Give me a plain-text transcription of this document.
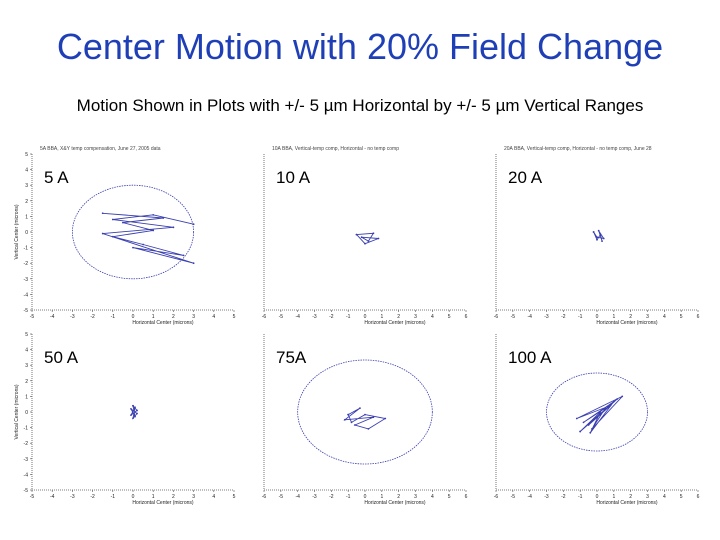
Center Motion with 20% Field Change
Motion Shown in Plots with +/- 5 µm Horizontal by +/- 5 µm Vertical Ranges
-5	-4	-3	-2	-1	0	1	2	3	4	5
5
4
3
2
1
0
-1
-2
-3
-4
-5
Horizontal Center (microns)
Vertical Center (microns)
5A BBA, X&Y temp compensation, June 27, 2005 data
5 A
-6 -5 -4 -3 -2 -1	0	1	2	3	4	5	6
Horizontal Center (microns)
10A BBA, Vertical-temp comp, Horizontal - no temp comp
10 A
-6 -5 -4 -3 -2 -1	0	1	2	3	4	5	6
Horizontal Center (microns)
20A BBA, Vertical-temp comp, Horizontal - no temp comp, June 28
20 A
-5	-4	-3	-2	-1	0	1	2	3	4	5
5
4
3
2
1
0
-1
-2
-3
-4
-5
Horizontal Center (microns)
Vertical Center (microns)
50 A
-6 -5 -4 -3 -2 -1	0	1	2	3	4	5	6
Horizontal Center (microns)
75A
-6 -5 -4 -3 -2 -1	0	1	2	3	4	5	6
Horizontal Center (microns)
100 A
